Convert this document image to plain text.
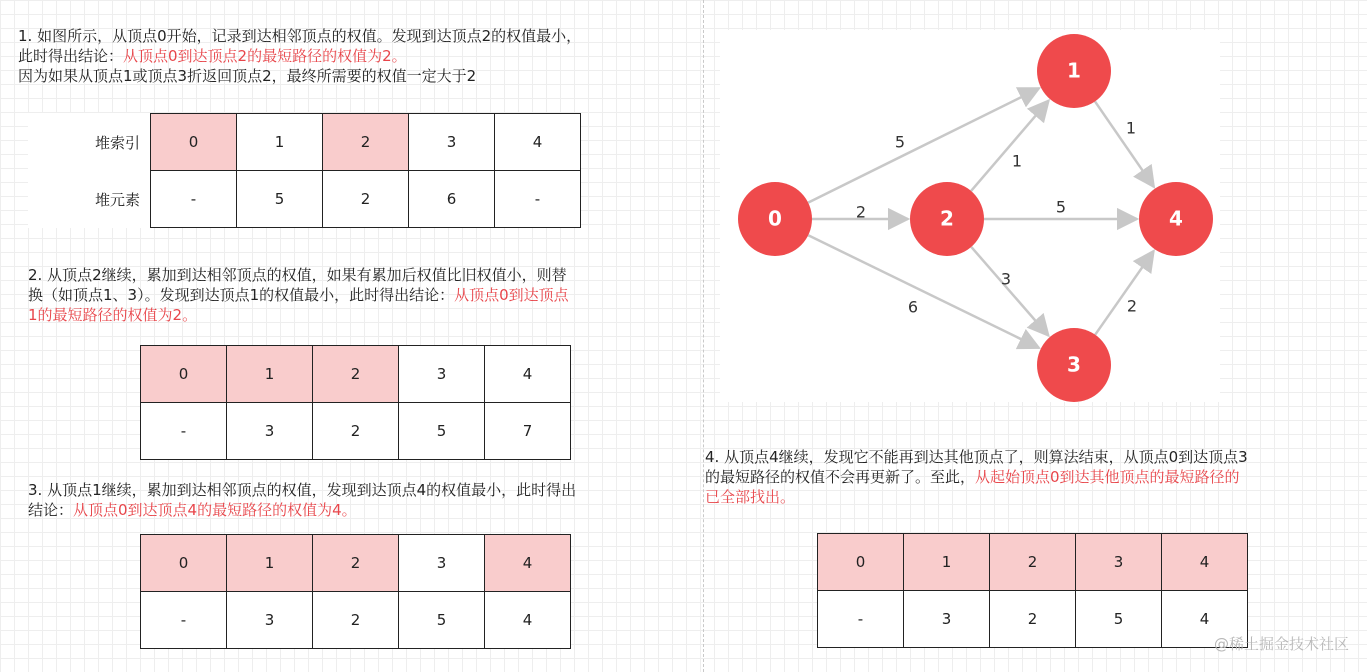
1. 如图所示，从顶点0开始，记录到达相邻顶点的权值。发现到达顶点2的权值最小，
此时得出结论：从顶点0到达顶点2的最短路径的权值为2。
因为如果从顶点1或顶点3折返回顶点2，最终所需要的权值一定大于2
堆索引	0	1	2	3	4
堆元素	-	5	2	6	-
2. 从顶点2继续，累加到达相邻顶点的权值，如果有累加后权值比旧权值小，则替
换（如顶点1、3）。发现到达顶点1的权值最小，此时得出结论：从顶点0到达顶点
1的最短路径的权值为2。
0	1	2	3	4
-	3	2	5	7
3. 从顶点1继续，累加到达相邻顶点的权值，发现到达顶点4的权值最小，此时得出
结论：从顶点0到达顶点4的最短路径的权值为4。
0	1	2	3	4
-	3	2	5	4
5
2
6
1
5
3
1
2
0
1
2
3
4
4. 从顶点4继续，发现它不能再到达其他顶点了，则算法结束，从顶点0到达顶点3
的最短路径的权值不会再更新了。至此，从起始顶点0到达其他顶点的最短路径的
已全部找出。
0	1	2	3	4
-	3	2	5	4
@稀土掘金技术社区
